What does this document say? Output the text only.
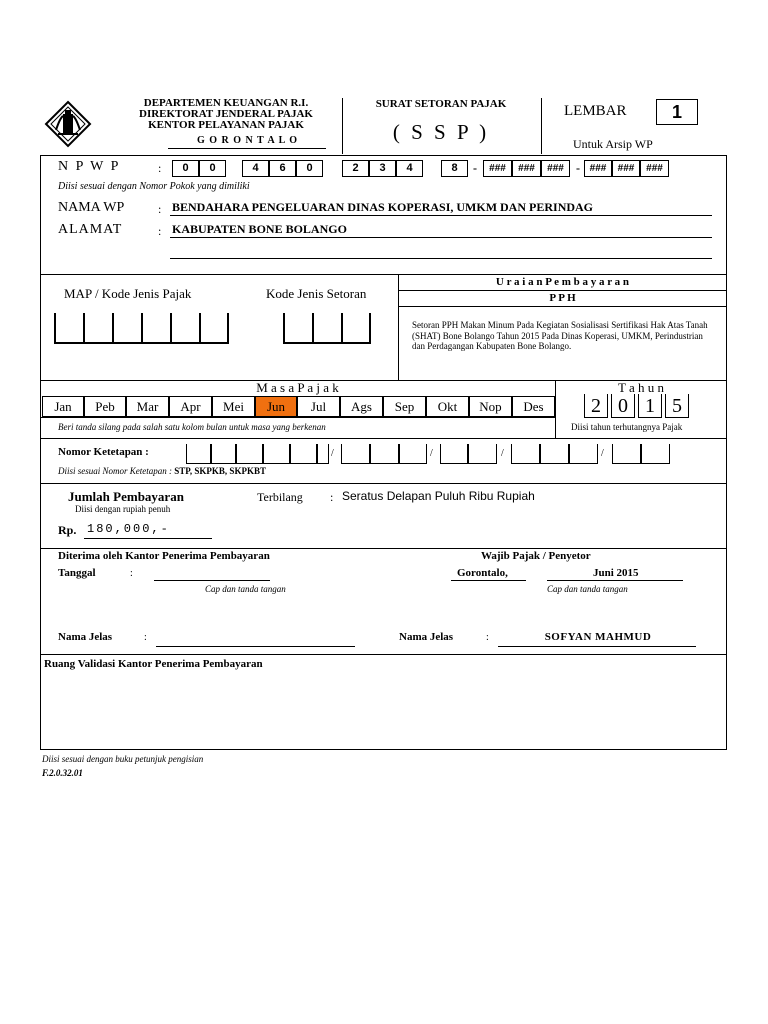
DEPARTEMEN KEUANGAN R.I.
DIREKTORAT JENDERAL PAJAK
KENTOR PELAYANAN PAJAK
G O R O N T A L O
SURAT SETORAN PAJAK
( S S P )
LEMBAR	1
Untuk Arsip WP
N P W P	:	0	0	4	6	0	2	3	4	8	-	###	###	###	- ###	###	###
Diisi sesuai dengan Nomor Pokok yang dimiliki
NAMA WP	: BENDAHARA PENGELUARAN DINAS KOPERASI, UMKM DAN PERINDAG
ALAMAT	: KABUPATEN BONE BOLANGO
MAP / Kode Jenis Pajak	Kode Jenis Setoran
U r a i a n P e m b a y a r a n
P P H
Setoran PPH Makan Minum Pada Kegiatan Sosialisasi Sertifikasi Hak Atas Tanah (SHAT) Bone Bolango Tahun 2015 Pada Dinas Koperasi, UMKM, Perindustrian dan Perdagangan Kabupaten Bone Bolango.
M a s a P a j a k	T a h u n
Jan	Peb	Mar	Apr	Mei	Jun	Jul	Ags	Sep	Okt	Nop	Des
Beri tanda silang pada salah satu kolom bulan untuk masa yang berkenan
2 0 1 5
Diisi tahun terhutangnya Pajak
Nomor Ketetapan :	/	/	/	/
Diisi sesuai Nomor Ketetapan : STP, SKPKB, SKPKBT
Jumlah Pembayaran
Diisi dengan rupiah penuh
Terbilang : Seratus Delapan Puluh Ribu Rupiah
Rp. 180,000,-
Diterima oleh Kantor Penerima Pembayaran
Tanggal	:
Cap dan tanda tangan
Wajib Pajak / Penyetor
Gorontalo,	Juni 2015
Cap dan tanda tangan
Nama Jelas	:	Nama Jelas	:	SOFYAN MAHMUD
Ruang Validasi Kantor Penerima Pembayaran
Diisi sesuai dengan buku petunjuk pengisian
F.2.0.32.01
